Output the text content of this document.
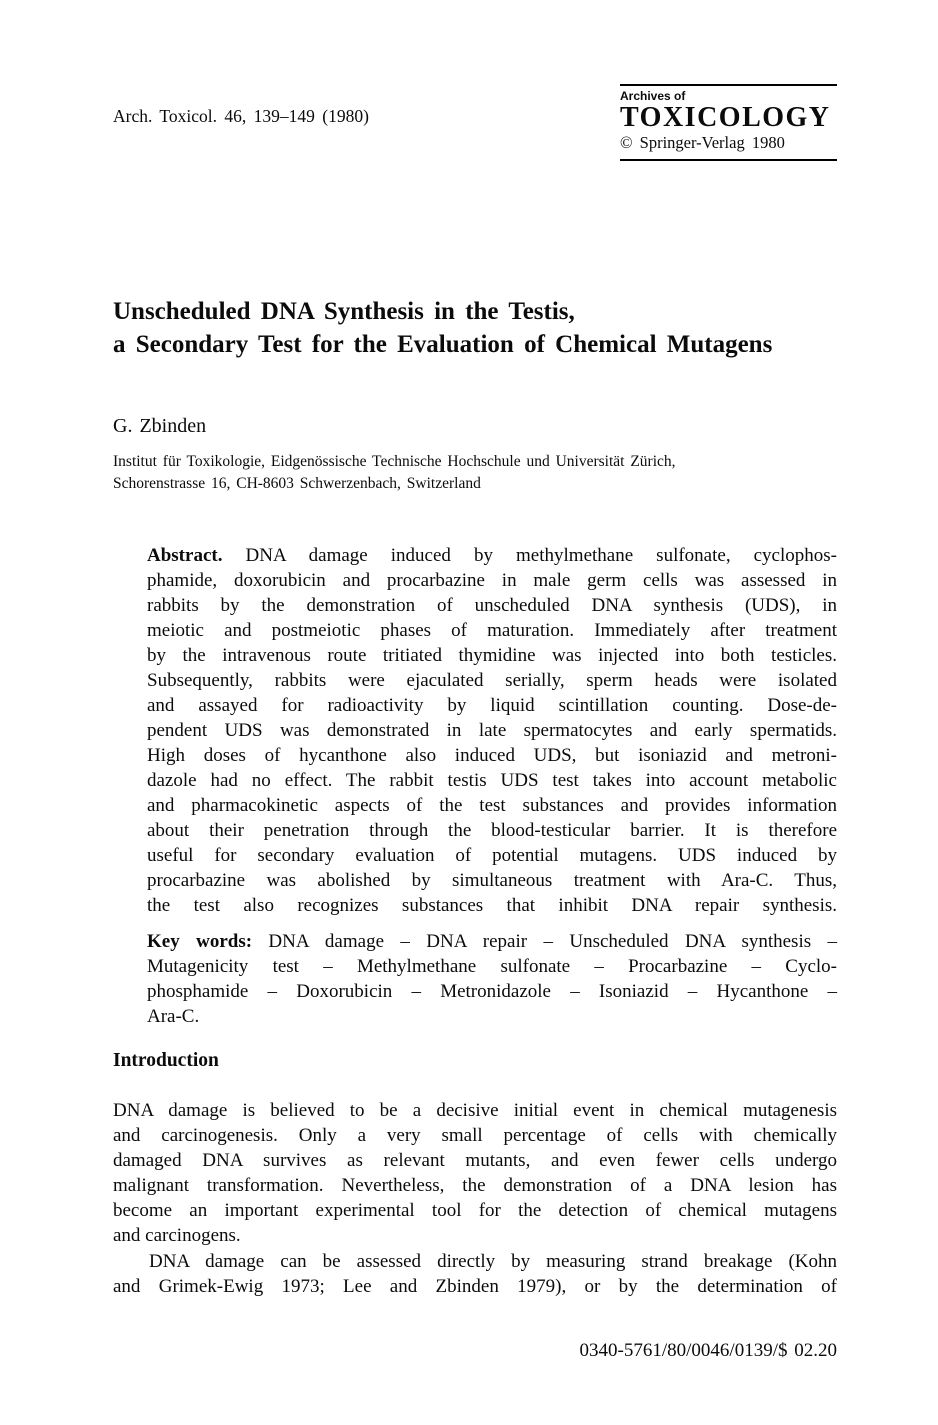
Arch. Toxicol. 46, 139–149 (1980)
Archives of
TOXICOLOGY
© Springer-Verlag 1980
Unscheduled DNA Synthesis in the Testis,
a Secondary Test for the Evaluation of Chemical Mutagens
G. Zbinden
Institut für Toxikologie, Eidgenössische Technische Hochschule und Universität Zürich,
Schorenstrasse 16, CH-8603 Schwerzenbach, Switzerland
Abstract. DNA damage induced by methylmethane sulfonate, cyclophos-
phamide, doxorubicin and procarbazine in male germ cells was assessed in
rabbits by the demonstration of unscheduled DNA synthesis (UDS), in
meiotic and postmeiotic phases of maturation. Immediately after treatment
by the intravenous route tritiated thymidine was injected into both testicles.
Subsequently, rabbits were ejaculated serially, sperm heads were isolated
and assayed for radioactivity by liquid scintillation counting. Dose-de-
pendent UDS was demonstrated in late spermatocytes and early spermatids.
High doses of hycanthone also induced UDS, but isoniazid and metroni-
dazole had no effect. The rabbit testis UDS test takes into account metabolic
and pharmacokinetic aspects of the test substances and provides information
about their penetration through the blood-testicular barrier. It is therefore
useful for secondary evaluation of potential mutagens. UDS induced by
procarbazine was abolished by simultaneous treatment with Ara-C. Thus,
the test also recognizes substances that inhibit DNA repair synthesis.
Key words: DNA damage – DNA repair – Unscheduled DNA synthesis –
Mutagenicity test – Methylmethane sulfonate – Procarbazine – Cyclo-
phosphamide – Doxorubicin – Metronidazole – Isoniazid – Hycanthone –
Ara-C.
Introduction
DNA damage is believed to be a decisive initial event in chemical mutagenesis
and carcinogenesis. Only a very small percentage of cells with chemically
damaged DNA survives as relevant mutants, and even fewer cells undergo
malignant transformation. Nevertheless, the demonstration of a DNA lesion has
become an important experimental tool for the detection of chemical mutagens
and carcinogens.
DNA damage can be assessed directly by measuring strand breakage (Kohn
and Grimek-Ewig 1973; Lee and Zbinden 1979), or by the determination of
0340-5761/80/0046/0139/$ 02.20
